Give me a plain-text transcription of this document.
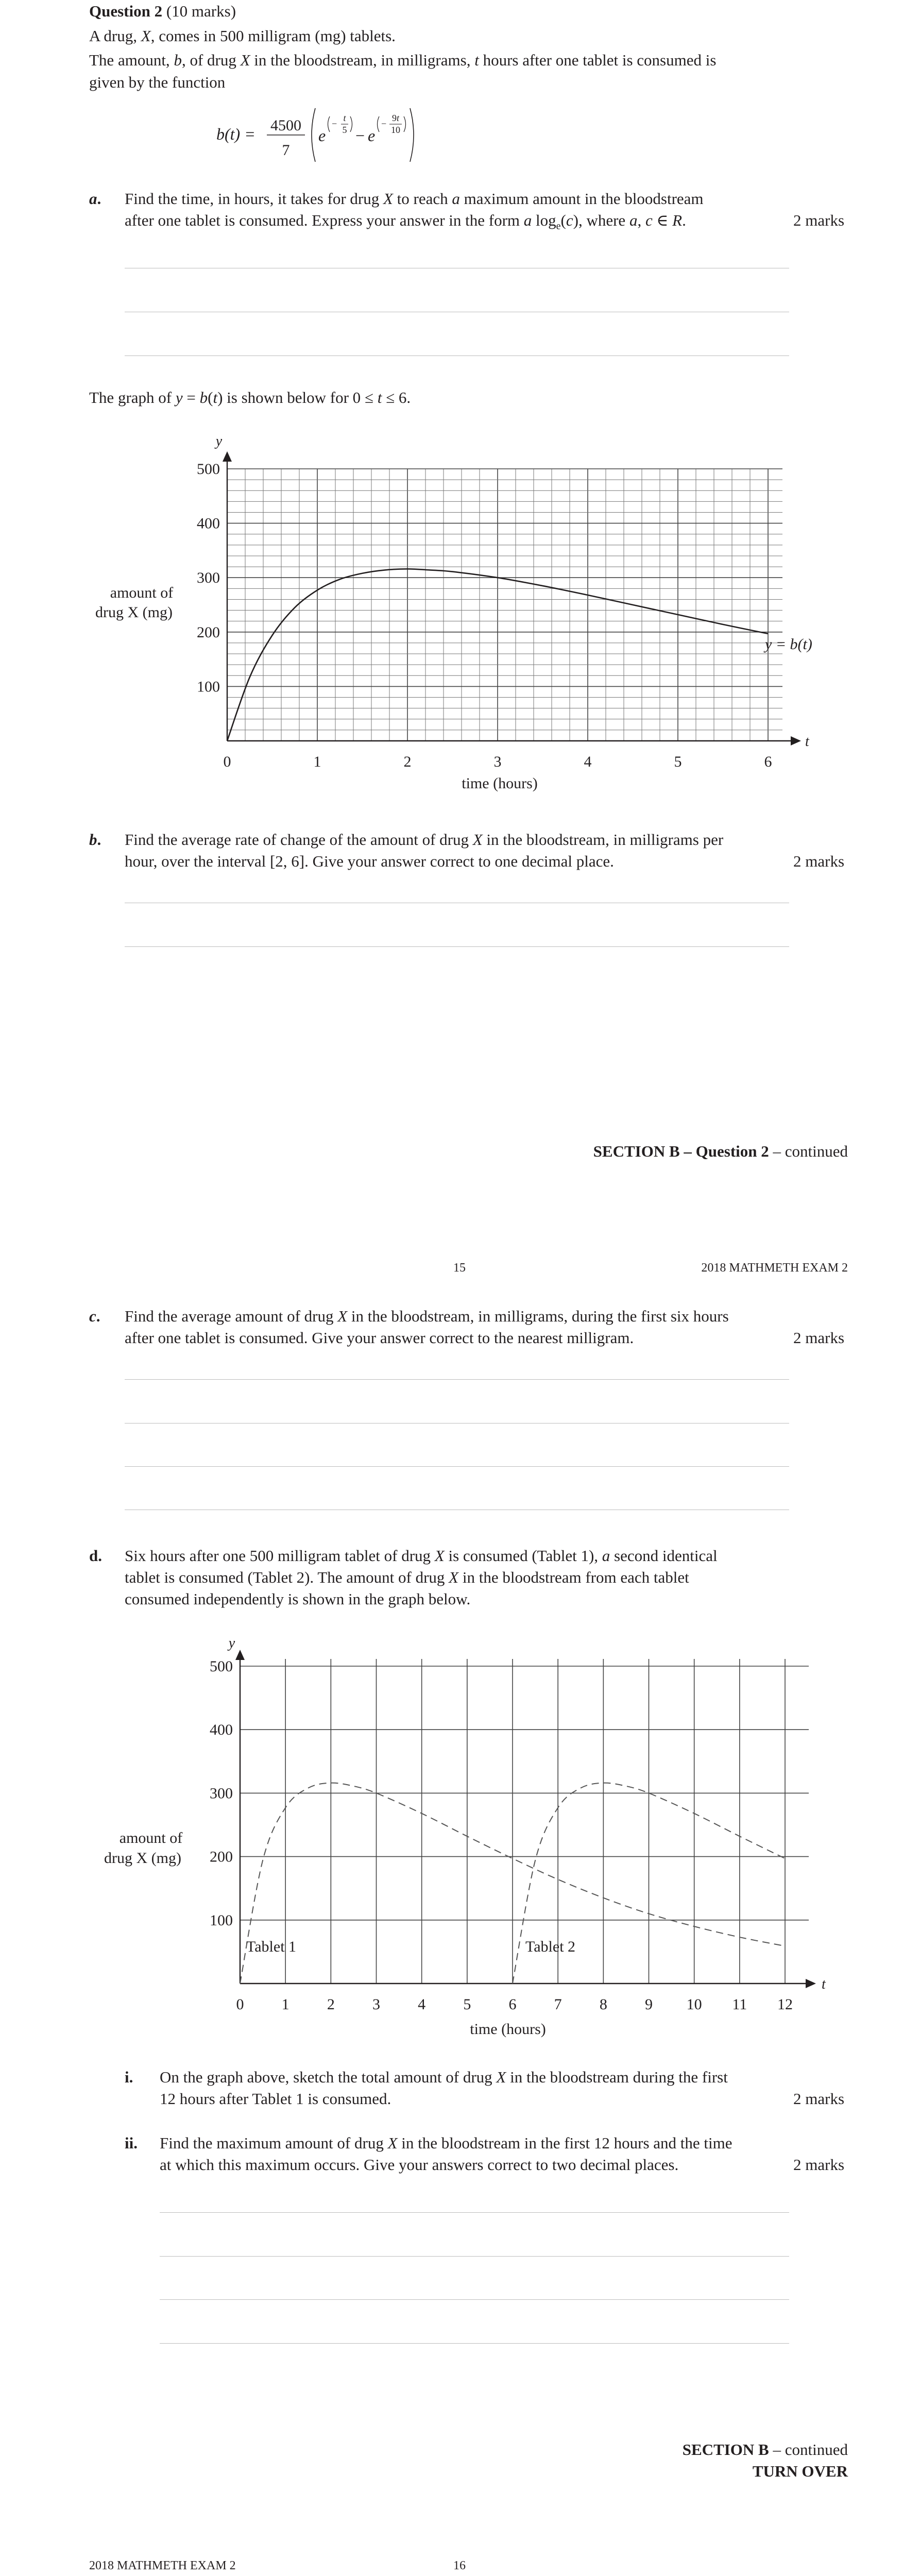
Question 2 (10 marks)
A drug, X, comes in 500 milligram (mg) tablets.
The amount, b, of drug X in the bloodstream, in milligrams, t hours after one tablet is consumed is
given by the function
b(t) = 4500
7
e
−
t
5 − e
−
9t
10
a. Find the time, in hours, it takes for drug X to reach a maximum amount in the bloodstream
after one tablet is consumed. Express your answer in the form a $\log_e(c)$, where a, c ∈ R.	2 marks
The graph of y = b(t) is shown below for 0 ≤ t ≤ 6.
0	1	2	3	4	5	6
100
200
300
400
500
y = b(t)
y
t
amount of
drug X (mg)
time (hours)
b. Find the average rate of change of the amount of drug X in the bloodstream, in milligrams per
hour, over the interval [2, 6]. Give your answer correct to one decimal place.	2 marks
SECTION B – Question 2 – continued
15	2018 MATHMETH EXAM 2
c. Find the average amount of drug X in the bloodstream, in milligrams, during the first six hours
after one tablet is consumed. Give your answer correct to the nearest milligram.	2 marks
d. Six hours after one 500 milligram tablet of drug X is consumed (Tablet 1), a second identical
tablet is consumed (Tablet 2). The amount of drug X in the bloodstream from each tablet
consumed independently is shown in the graph below.
0 1 2 3 4 5 6 7 8 9 10 11 12
100
200
300
400
500
Tablet 1	Tablet 2
y
t
amount of
drug X (mg)
time (hours)
i. On the graph above, sketch the total amount of drug X in the bloodstream during the first
12 hours after Tablet 1 is consumed.	2 marks
ii. Find the maximum amount of drug X in the bloodstream in the first 12 hours and the time
at which this maximum occurs. Give your answers correct to two decimal places.	2 marks
SECTION B – continued
TURN OVER
2018 MATHMETH EXAM 2	16
